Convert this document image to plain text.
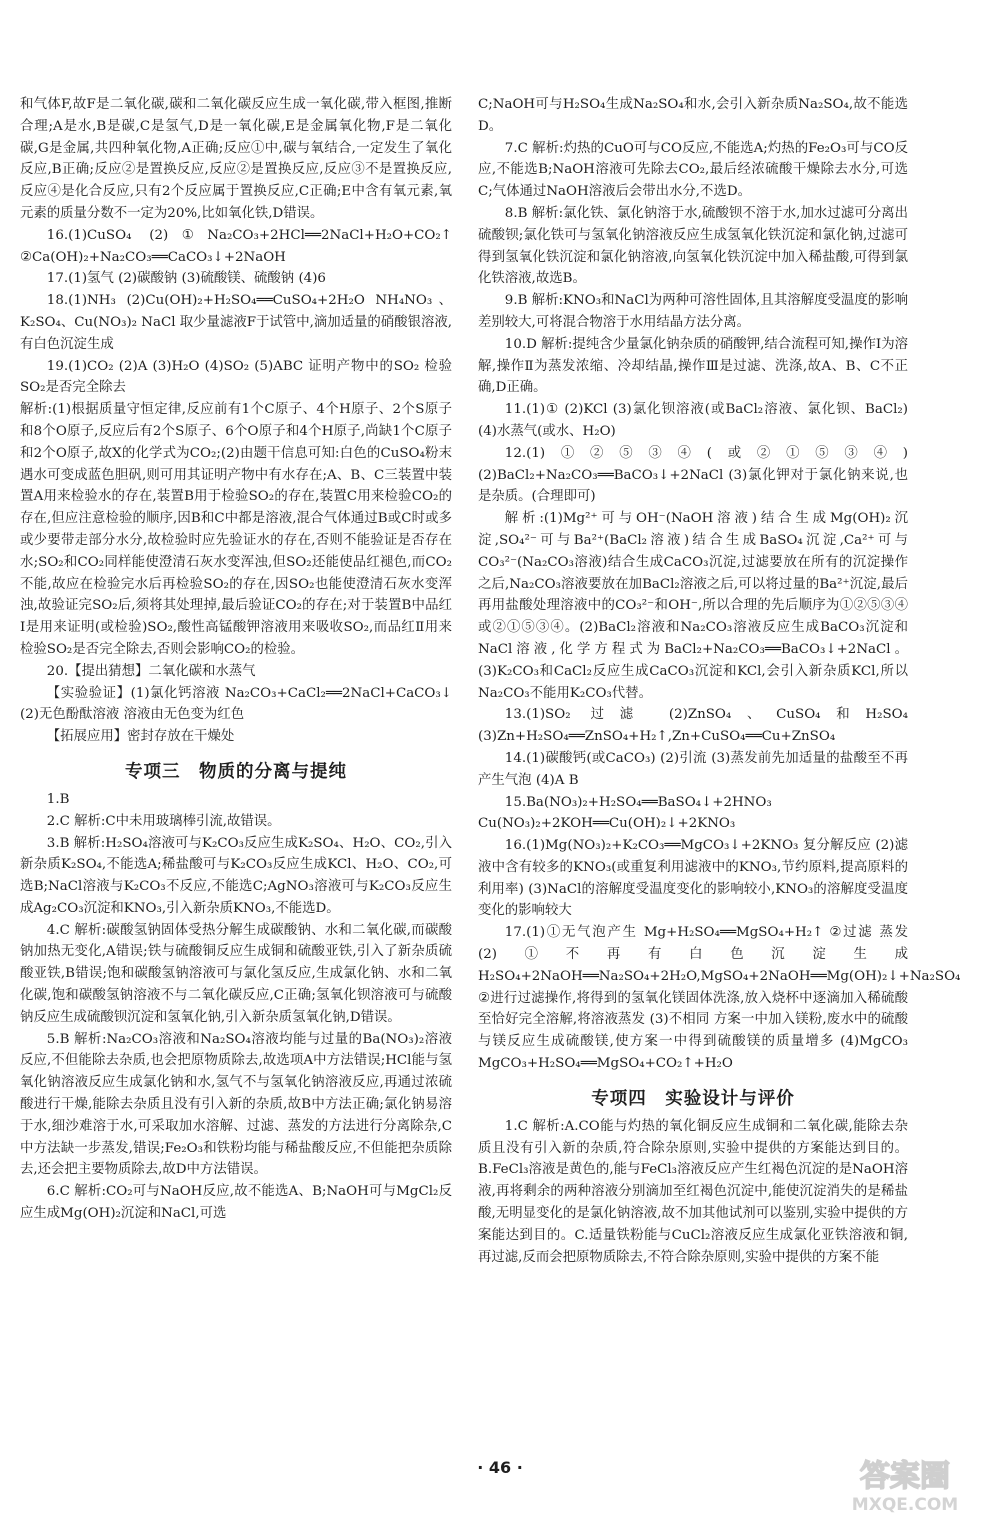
和气体F,故F是二氧化碳,碳和二氧化碳反应生成一氧化碳,带入框图,推断合理;A是水,B是碳,C是氢气,D是一氧化碳,E是金属氧化物,F是二氧化碳,G是金属,共四种氧化物,A正确;反应①中,碳与氧结合,一定发生了氧化反应,B正确;反应②是置换反应,反应②是置换反应,反应③不是置换反应,反应④是化合反应,只有2个反应属于置换反应,C正确;E中含有氧元素,氧元素的质量分数不一定为20%,比如氧化铁,D错误。

16.(1)CuSO₄ (2)①Na₂CO₃+2HCl══2NaCl+H₂O+CO₂↑ ②Ca(OH)₂+Na₂CO₃══CaCO₃↓+2NaOH

17.(1)氢气 (2)碳酸钠 (3)硫酸镁、硫酸钠 (4)6

18.(1)NH₃ (2)Cu(OH)₂+H₂SO₄══CuSO₄+2H₂O NH₄NO₃、K₂SO₄、Cu(NO₃)₂ NaCl 取少量滤液F于试管中,滴加适量的硝酸银溶液,有白色沉淀生成

19.(1)CO₂ (2)A (3)H₂O (4)SO₂ (5)ABC 证明产物中的SO₂ 检验SO₂是否完全除去

解析:(1)根据质量守恒定律,反应前有1个C原子、4个H原子、2个S原子和8个O原子,反应后有2个S原子、6个O原子和4个H原子,尚缺1个C原子和2个O原子,故X的化学式为CO₂;(2)由题干信息可知:白色的CuSO₄粉末遇水可变成蓝色胆矾,则可用其证明产物中有水存在;A、B、C三装置中装置A用来检验水的存在,装置B用于检验SO₂的存在,装置C用来检验CO₂的存在,但应注意检验的顺序,因B和C中都是溶液,混合气体通过B或C时或多或少要带走部分水分,故检验时应先验证水的存在,否则不能验证是否存在水;SO₂和CO₂同样能使澄清石灰水变浑浊,但SO₂还能使品红褪色,而CO₂不能,故应在检验完水后再检验SO₂的存在,因SO₂也能使澄清石灰水变浑浊,故验证完SO₂后,须将其处理掉,最后验证CO₂的存在;对于装置B中品红Ⅰ是用来证明(或检验)SO₂,酸性高锰酸钾溶液用来吸收SO₂,而品红Ⅱ用来检验SO₂是否完全除去,否则会影响CO₂的检验。

20.【提出猜想】二氧化碳和水蒸气

【实验验证】(1)氯化钙溶液 Na₂CO₃+CaCl₂══2NaCl+CaCO₃↓ (2)无色酚酞溶液 溶液由无色变为红色

【拓展应用】密封存放在干燥处

专项三　物质的分离与提纯

1.B

2.C 解析:C中未用玻璃棒引流,故错误。

3.B 解析:H₂SO₄溶液可与K₂CO₃反应生成K₂SO₄、H₂O、CO₂,引入新杂质K₂SO₄,不能选A;稀盐酸可与K₂CO₃反应生成KCl、H₂O、CO₂,可选B;NaCl溶液与K₂CO₃不反应,不能选C;AgNO₃溶液可与K₂CO₃反应生成Ag₂CO₃沉淀和KNO₃,引入新杂质KNO₃,不能选D。

4.C 解析:碳酸氢钠固体受热分解生成碳酸钠、水和二氧化碳,而碳酸钠加热无变化,A错误;铁与硫酸铜反应生成铜和硫酸亚铁,引入了新杂质硫酸亚铁,B错误;饱和碳酸氢钠溶液可与氯化氢反应,生成氯化钠、水和二氧化碳,饱和碳酸氢钠溶液不与二氧化碳反应,C正确;氢氧化钡溶液可与硫酸钠反应生成硫酸钡沉淀和氢氧化钠,引入新杂质氢氧化钠,D错误。

5.B 解析:Na₂CO₃溶液和Na₂SO₄溶液均能与过量的Ba(NO₃)₂溶液反应,不但能除去杂质,也会把原物质除去,故选项A中方法错误;HCl能与氢氧化钠溶液反应生成氯化钠和水,氢气不与氢氧化钠溶液反应,再通过浓硫酸进行干燥,能除去杂质且没有引入新的杂质,故B中方法正确;氯化钠易溶于水,细沙难溶于水,可采取加水溶解、过滤、蒸发的方法进行分离除杂,C中方法缺一步蒸发,错误;Fe₂O₃和铁粉均能与稀盐酸反应,不但能把杂质除去,还会把主要物质除去,故D中方法错误。

6.C 解析:CO₂可与NaOH反应,故不能选A、B;NaOH可与MgCl₂反应生成Mg(OH)₂沉淀和NaCl,可选

C;NaOH可与H₂SO₄生成Na₂SO₄和水,会引入新杂质Na₂SO₄,故不能选D。

7.C 解析:灼热的CuO可与CO反应,不能选A;灼热的Fe₂O₃可与CO反应,不能选B;NaOH溶液可先除去CO₂,最后经浓硫酸干燥除去水分,可选C;气体通过NaOH溶液后会带出水分,不选D。

8.B 解析:氯化铁、氯化钠溶于水,硫酸钡不溶于水,加水过滤可分离出硫酸钡;氯化铁可与氢氧化钠溶液反应生成氢氧化铁沉淀和氯化钠,过滤可得到氢氧化铁沉淀和氯化钠溶液,向氢氧化铁沉淀中加入稀盐酸,可得到氯化铁溶液,故选B。

9.B 解析:KNO₃和NaCl为两种可溶性固体,且其溶解度受温度的影响差别较大,可将混合物溶于水用结晶方法分离。

10.D 解析:提纯含少量氯化钠杂质的硝酸钾,结合流程可知,操作Ⅰ为溶解,操作Ⅱ为蒸发浓缩、冷却结晶,操作Ⅲ是过滤、洗涤,故A、B、C不正确,D正确。

11.(1)① (2)KCl (3)氯化钡溶液(或BaCl₂溶液、氯化钡、BaCl₂) (4)水蒸气(或水、H₂O)

12.(1)①②⑤③④(或②①⑤③④) (2)BaCl₂+Na₂CO₃══BaCO₃↓+2NaCl (3)氯化钾对于氯化钠来说,也是杂质。(合理即可)

解析:(1)Mg²⁺可与OH⁻(NaOH溶液)结合生成Mg(OH)₂沉淀,SO₄²⁻可与Ba²⁺(BaCl₂溶液)结合生成BaSO₄沉淀,Ca²⁺可与CO₃²⁻(Na₂CO₃溶液)结合生成CaCO₃沉淀,过滤要放在所有的沉淀操作之后,Na₂CO₃溶液要放在加BaCl₂溶液之后,可以将过量的Ba²⁺沉淀,最后再用盐酸处理溶液中的CO₃²⁻和OH⁻,所以合理的先后顺序为①②⑤③④或②①⑤③④。(2)BaCl₂溶液和Na₂CO₃溶液反应生成BaCO₃沉淀和NaCl溶液,化学方程式为BaCl₂+Na₂CO₃══BaCO₃↓+2NaCl。(3)K₂CO₃和CaCl₂反应生成CaCO₃沉淀和KCl,会引入新杂质KCl,所以Na₂CO₃不能用K₂CO₃代替。

13.(1)SO₂ 过滤 (2)ZnSO₄、CuSO₄和H₂SO₄ (3)Zn+H₂SO₄══ZnSO₄+H₂↑,Zn+CuSO₄══Cu+ZnSO₄

14.(1)碳酸钙(或CaCO₃) (2)引流 (3)蒸发前先加适量的盐酸至不再产生气泡 (4)A B

15.Ba(NO₃)₂+H₂SO₄══BaSO₄↓+2HNO₃ Cu(NO₃)₂+2KOH══Cu(OH)₂↓+2KNO₃

16.(1)Mg(NO₃)₂+K₂CO₃══MgCO₃↓+2KNO₃ 复分解反应 (2)滤液中含有较多的KNO₃(或重复利用滤液中的KNO₃,节约原料,提高原料的利用率) (3)NaCl的溶解度受温度变化的影响较小,KNO₃的溶解度受温度变化的影响较大

17.(1)①无气泡产生 Mg+H₂SO₄══MgSO₄+H₂↑ ②过滤 蒸发 (2)①不再有白色沉淀生成 H₂SO₄+2NaOH══Na₂SO₄+2H₂O,MgSO₄+2NaOH══Mg(OH)₂↓+Na₂SO₄ ②进行过滤操作,将得到的氢氧化镁固体洗涤,放入烧杯中逐滴加入稀硫酸至恰好完全溶解,将溶液蒸发 (3)不相同 方案一中加入镁粉,废水中的硫酸与镁反应生成硫酸镁,使方案一中得到硫酸镁的质量增多 (4)MgCO₃ MgCO₃+H₂SO₄══MgSO₄+CO₂↑+H₂O

专项四　实验设计与评价

1.C 解析:A.CO能与灼热的氧化铜反应生成铜和二氧化碳,能除去杂质且没有引入新的杂质,符合除杂原则,实验中提供的方案能达到目的。B.FeCl₃溶液是黄色的,能与FeCl₃溶液反应产生红褐色沉淀的是NaOH溶液,再将剩余的两种溶液分别滴加至红褐色沉淀中,能使沉淀消失的是稀盐酸,无明显变化的是氯化钠溶液,故不加其他试剂可以鉴别,实验中提供的方案能达到目的。C.适量铁粉能与CuCl₂溶液反应生成氯化亚铁溶液和铜,再过滤,反而会把原物质除去,不符合除杂原则,实验中提供的方案不能

· 46 ·	答案圈
MXQE.COM
